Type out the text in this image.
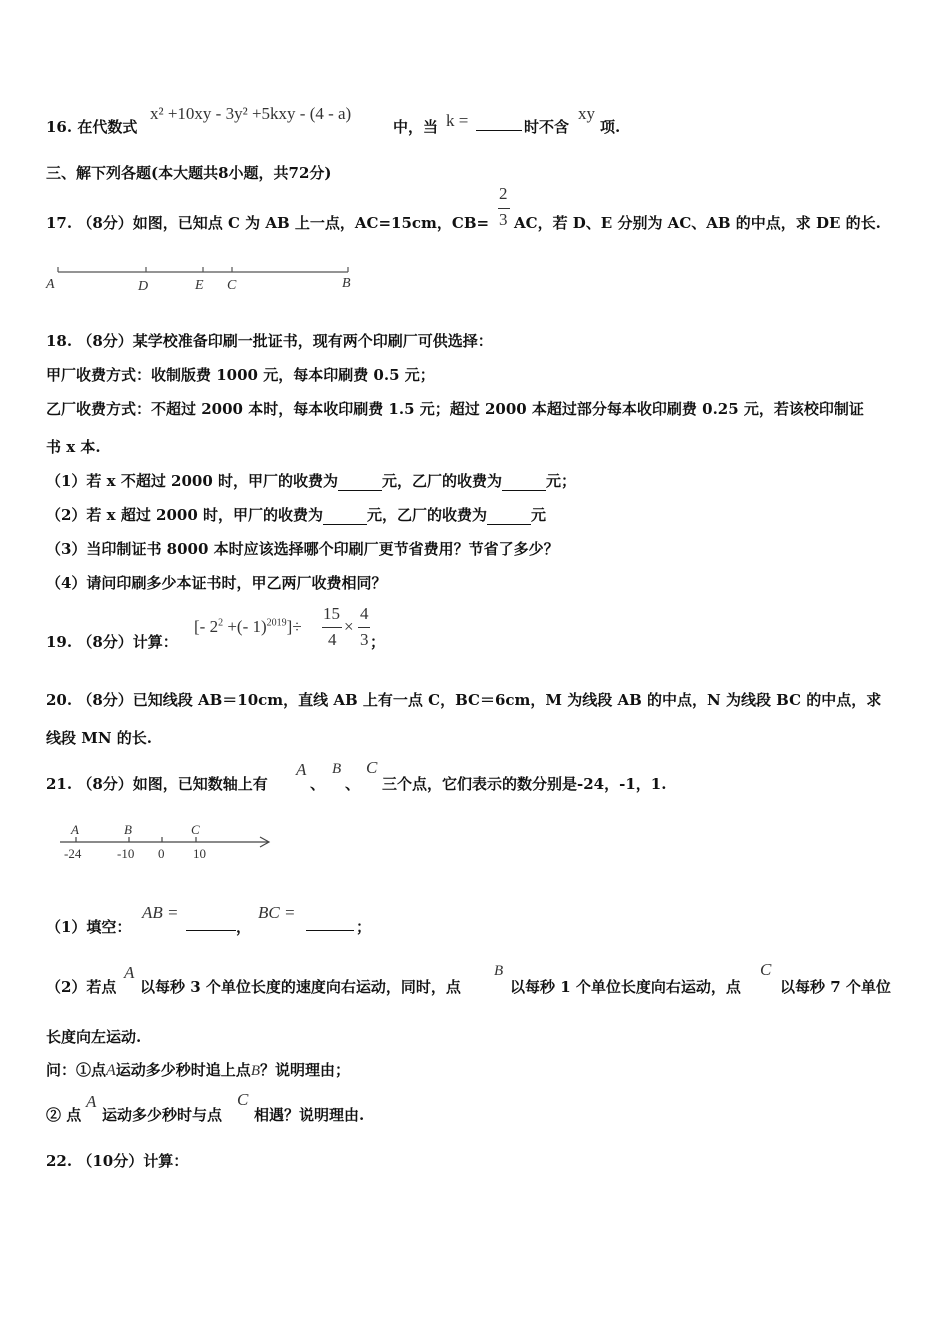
16. 在代数式
x² +10xy - 3y² +5kxy - (4 - a)
中，当 k =	时不含
xy
项.
三、解下列各题(本大题共8小题，共72分)
17. （8分）如图，已知点 C 为 AB 上一点，AC=15cm，CB=
2
3 AC，若 D、E 分别为 AC、AB 的中点，求 DE 的长.
A	D	E C	B
18. （8分）某学校准备印刷一批证书，现有两个印刷厂可供选择：
甲厂收费方式：收制版费 1000 元，每本印刷费 0.5 元；
乙厂收费方式：不超过 2000 本时，每本收印刷费 1.5 元；超过 2000 本超过部分每本收印刷费 0.25 元，若该校印制证
书 x 本.
（1）若 x 不超过 2000 时，甲厂的收费为	元，乙厂的收费为	元；
（2）若 x 超过 2000 时，甲厂的收费为	元，乙厂的收费为	元
（3）当印制证书 8000 本时应该选择哪个印刷厂更节省费用？节省了多少？
（4）请问印刷多少本证书时，甲乙两厂收费相同？
19. （8分）计算：
[- $2^2$ +(- 1)$^{2019}$]÷
15
4
×
4
3 ；
20. （8分）已知线段 AB＝10cm，直线 AB 上有一点 C，BC＝6cm，M 为线段 AB 的中点，N 为线段 BC 的中点，求
线段 MN 的长.
21. （8分）如图，已知数轴上有
A
、
B
、
C
三个点，它们表示的数分别是-24，-1，1.
A	B	C
-24	-10 0 10
（1）填空：
AB =
，
BC =
；
（2）若点
A
以每秒 3 个单位长度的速度向右运动，同时，点
B
以每秒 1 个单位长度向右运动，点
C
以每秒 7 个单位
长度向左运动.
问：①点A运动多少秒时追上点B？说明理由；
② 点
A
运动多少秒时与点
C
相遇？说明理由.
22. （10分）计算：
